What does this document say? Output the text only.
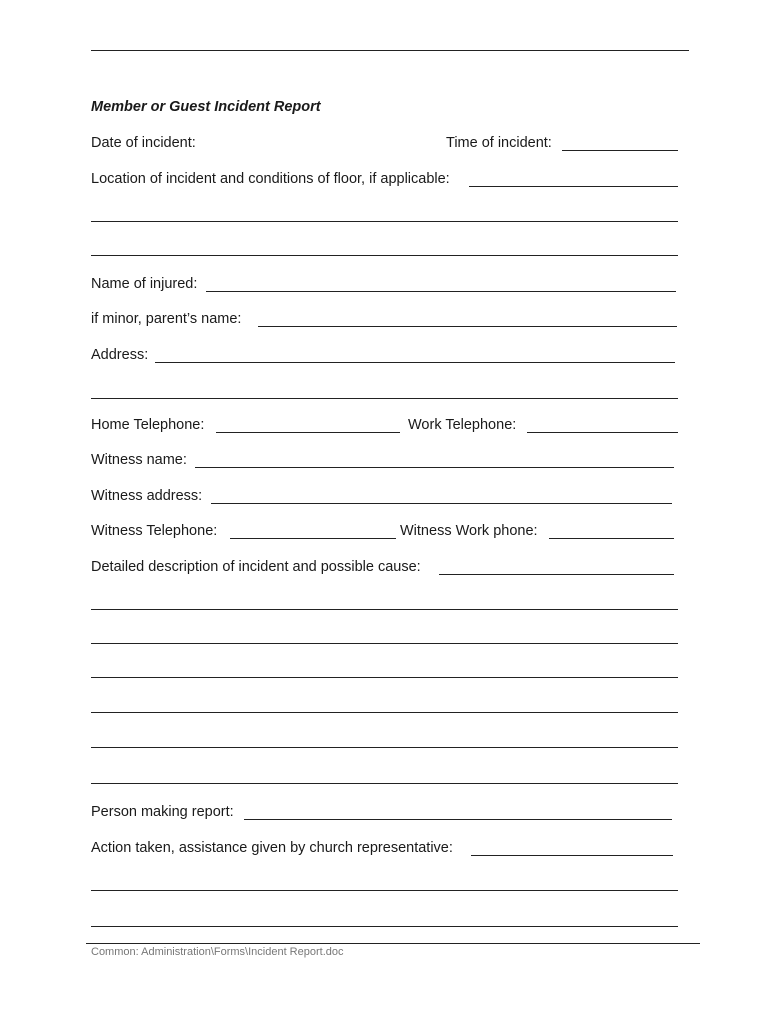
Member or Guest Incident Report
Date of incident:	Time of incident:
Location of incident and conditions of floor, if applicable:
Name of injured:
if minor, parent’s name:
Address:
Home Telephone:	Work Telephone:
Witness name:
Witness address:
Witness Telephone:	Witness Work phone:
Detailed description of incident and possible cause:
Person making report:
Action taken, assistance given by church representative:
Common: Administration\Forms\Incident Report.doc
